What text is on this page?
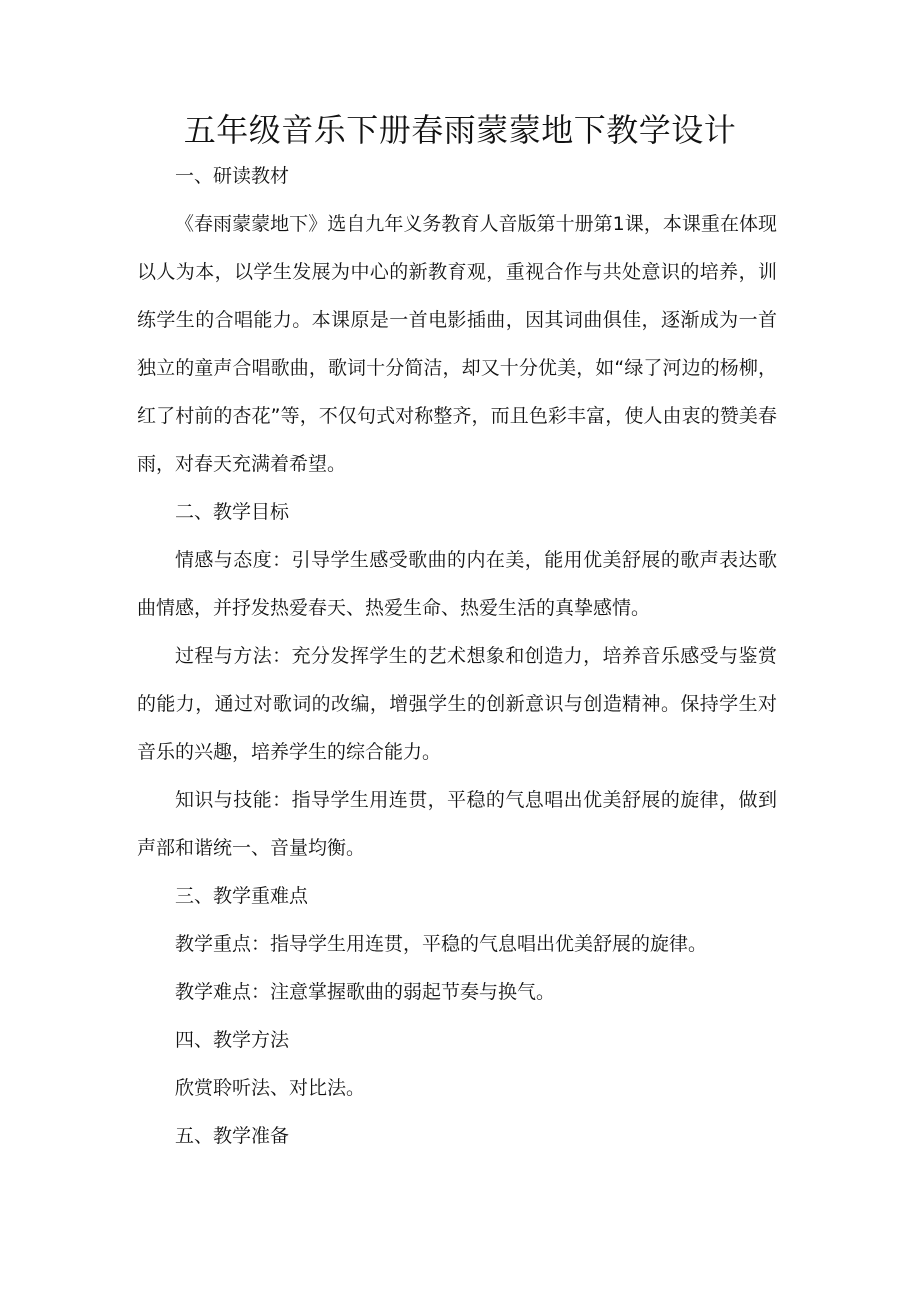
五年级音乐下册春雨蒙蒙地下教学设计

一、研读教材

《春雨蒙蒙地下》选自九年义务教育人音版第十册第1课，本课重在体现以人为本，以学生发展为中心的新教育观，重视合作与共处意识的培养，训练学生的合唱能力。本课原是一首电影插曲，因其词曲俱佳，逐渐成为一首独立的童声合唱歌曲，歌词十分简洁，却又十分优美，如“绿了河边的杨柳，红了村前的杏花”等，不仅句式对称整齐，而且色彩丰富，使人由衷的赞美春雨，对春天充满着希望。

二、教学目标

情感与态度：引导学生感受歌曲的内在美，能用优美舒展的歌声表达歌曲情感，并抒发热爱春天、热爱生命、热爱生活的真挚感情。

过程与方法：充分发挥学生的艺术想象和创造力，培养音乐感受与鉴赏的能力，通过对歌词的改编，增强学生的创新意识与创造精神。保持学生对音乐的兴趣，培养学生的综合能力。

知识与技能：指导学生用连贯，平稳的气息唱出优美舒展的旋律，做到声部和谐统一、音量均衡。

三、教学重难点

教学重点：指导学生用连贯，平稳的气息唱出优美舒展的旋律。

教学难点：注意掌握歌曲的弱起节奏与换气。

四、教学方法

欣赏聆听法、对比法。

五、教学准备
